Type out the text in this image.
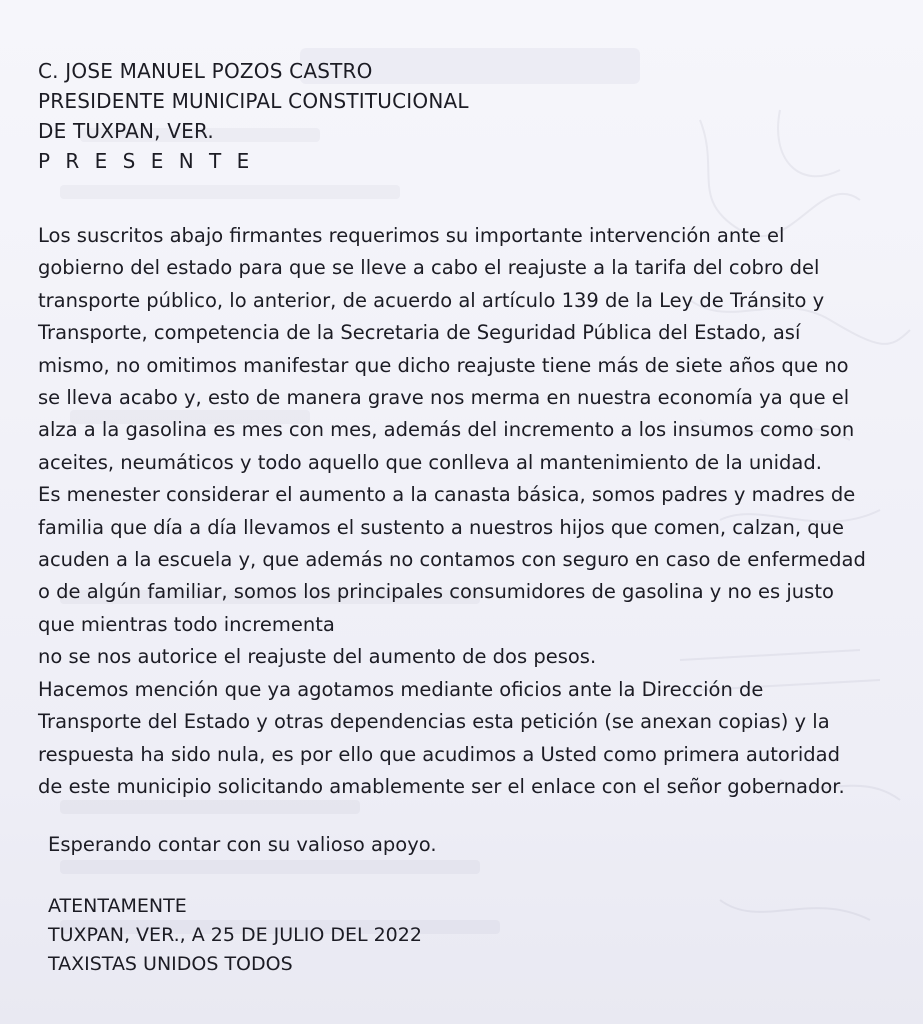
C. JOSE MANUEL POZOS CASTRO
PRESIDENTE MUNICIPAL CONSTITUCIONAL
DE TUXPAN, VER.
P R E S E N T E
Los suscritos abajo firmantes requerimos su importante intervención ante el
gobierno del estado para que se lleve a cabo el reajuste a la tarifa del cobro del
transporte público, lo anterior, de acuerdo al artículo 139 de la Ley de Tránsito y
Transporte, competencia de la Secretaria de Seguridad Pública del Estado, así
mismo, no omitimos manifestar que dicho reajuste tiene más de siete años que no
se lleva acabo y, esto de manera grave nos merma en nuestra economía ya que el
alza a la gasolina es mes con mes, además del incremento a los insumos como son
aceites, neumáticos y todo aquello que conlleva al mantenimiento de la unidad.
Es menester considerar el aumento a la canasta básica, somos padres y madres de
familia que día a día llevamos el sustento a nuestros hijos que comen, calzan, que
acuden a la escuela y, que además no contamos con seguro en caso de enfermedad
o de algún familiar, somos los principales consumidores de gasolina y no es justo
que mientras todo incrementa
no se nos autorice el reajuste del aumento de dos pesos.
Hacemos mención que ya agotamos mediante oficios ante la Dirección de
Transporte del Estado y otras dependencias esta petición (se anexan copias) y la
respuesta ha sido nula, es por ello que acudimos a Usted como primera autoridad
de este municipio solicitando amablemente ser el enlace con el señor gobernador.
Esperando contar con su valioso apoyo.
ATENTAMENTE
TUXPAN, VER., A 25 DE JULIO DEL 2022
TAXISTAS UNIDOS TODOS
